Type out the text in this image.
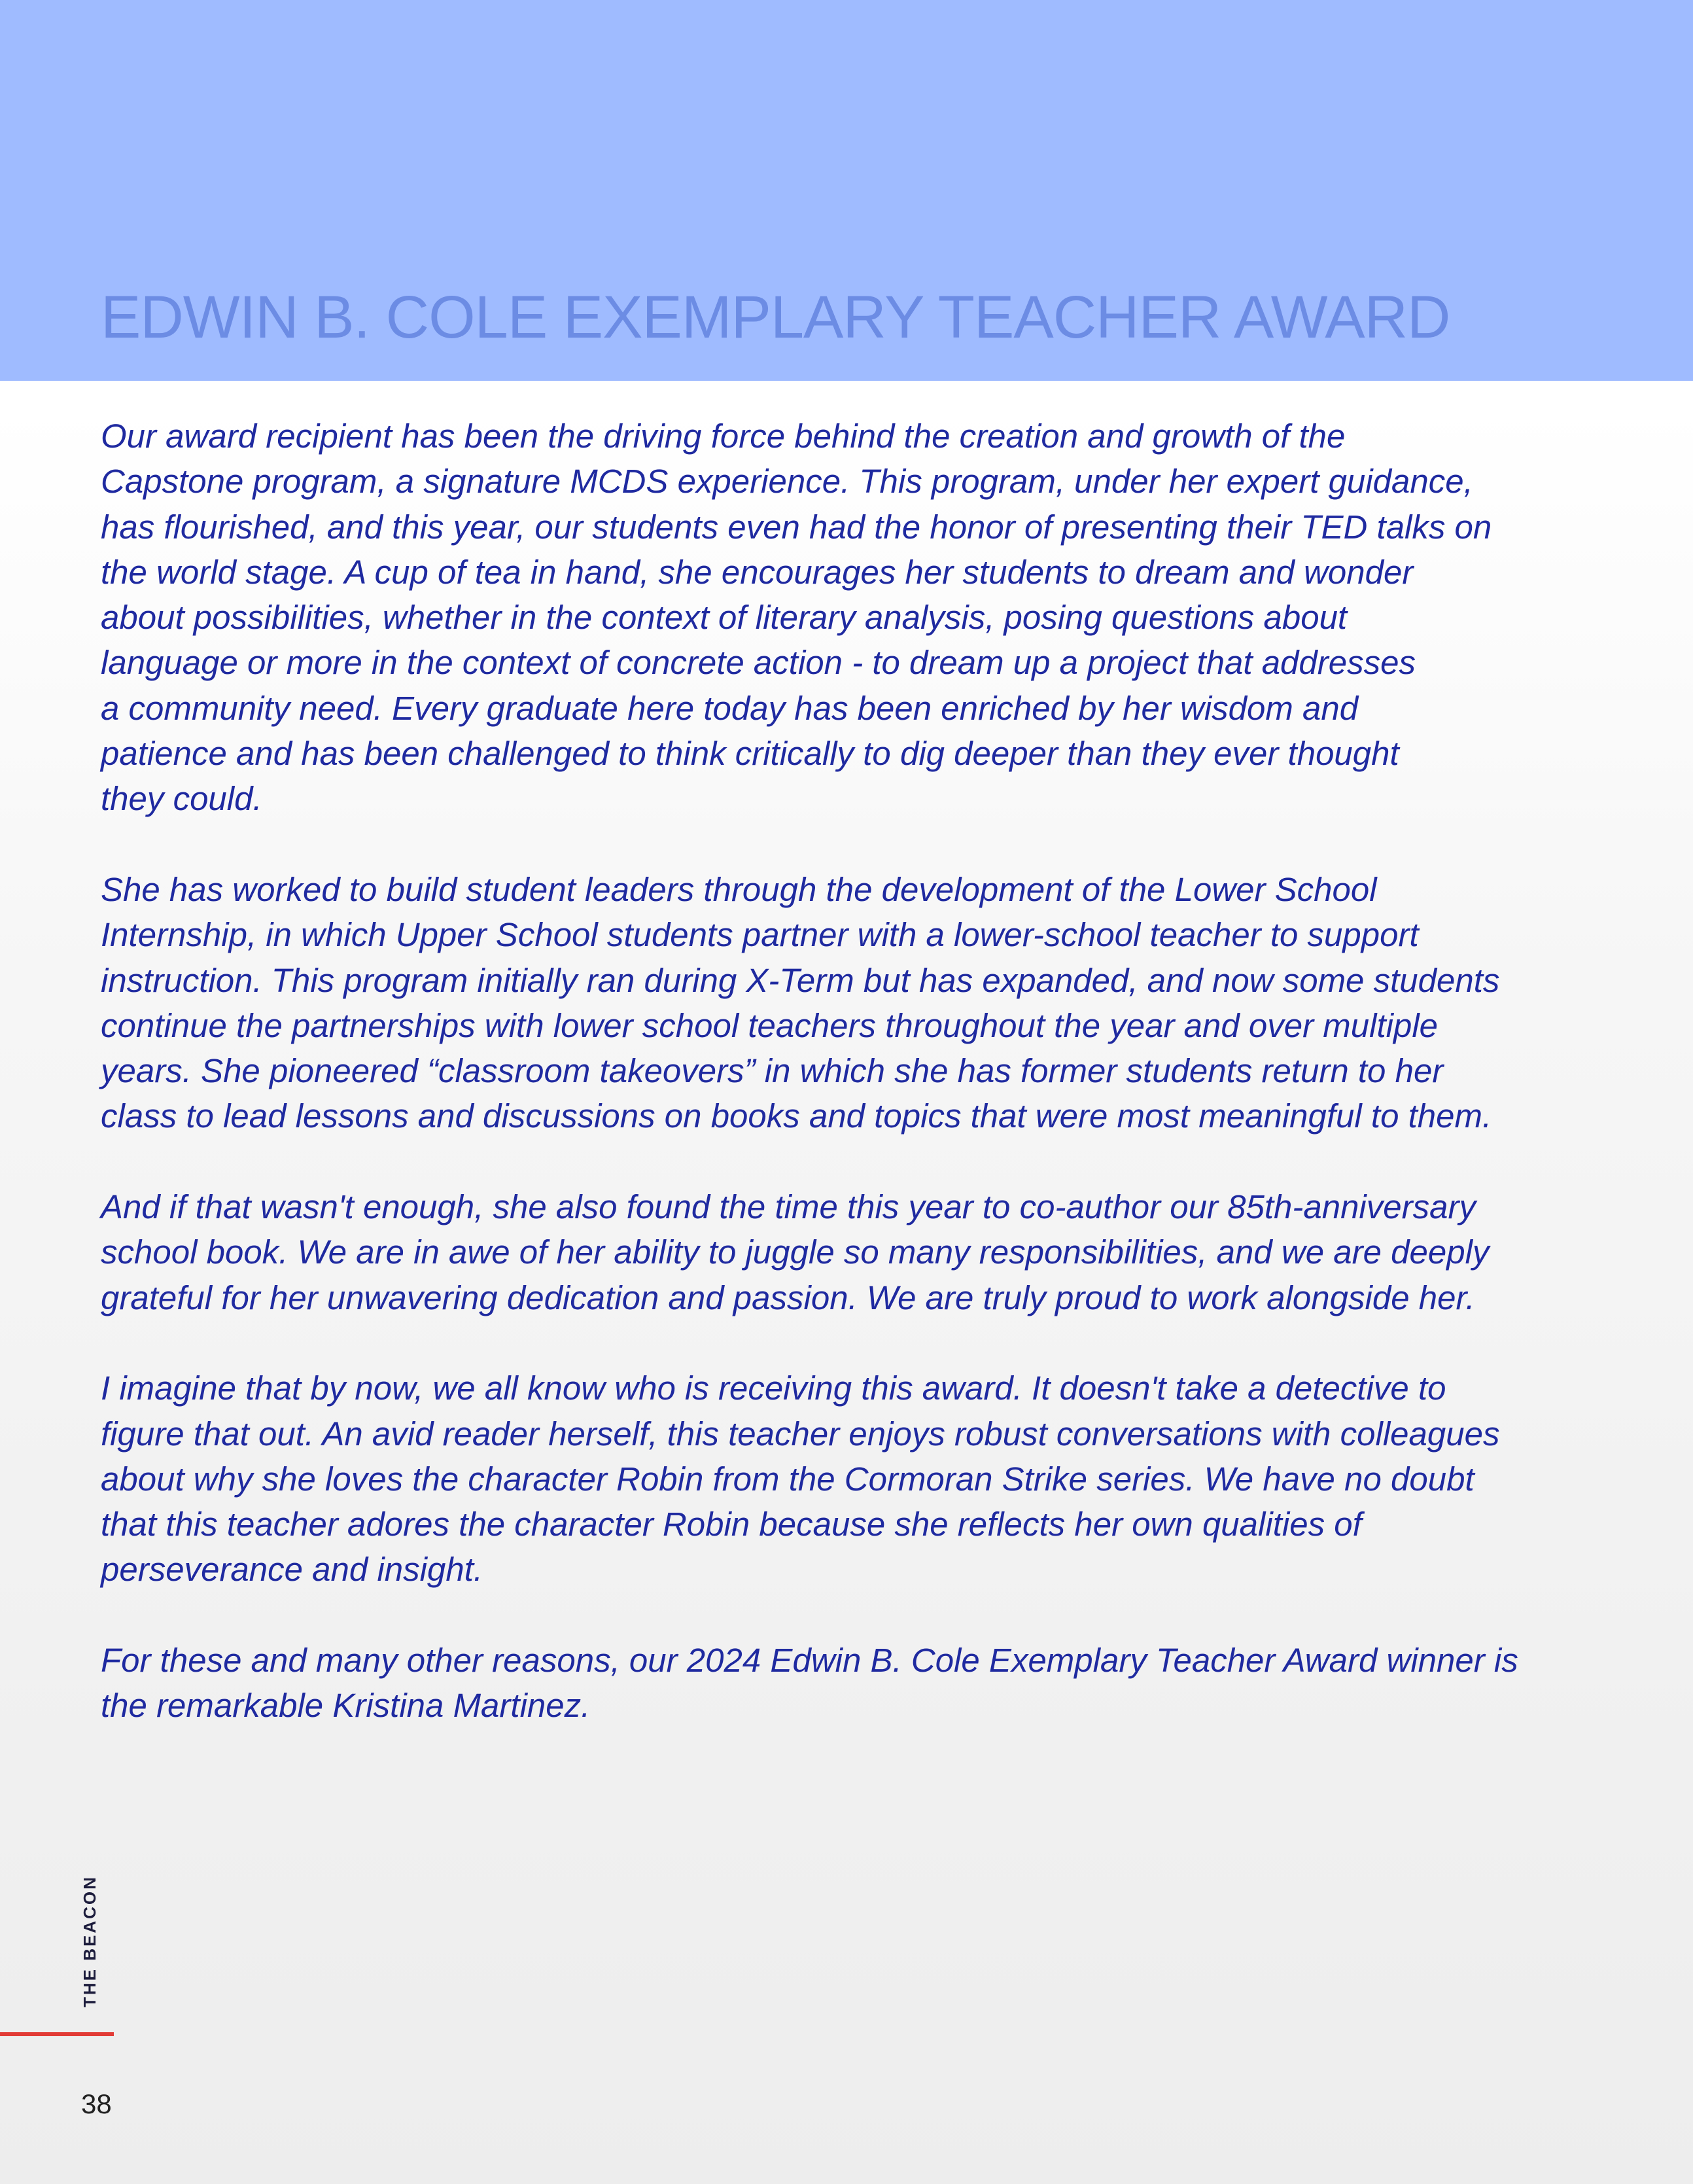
EDWIN B. COLE EXEMPLARY TEACHER AWARD

Our award recipient has been the driving force behind the creation and growth of the
Capstone program, a signature MCDS experience. This program, under her expert guidance,
has flourished, and this year, our students even had the honor of presenting their TED talks on
the world stage. A cup of tea in hand, she encourages her students to dream and wonder
about possibilities, whether in the context of literary analysis, posing questions about
language or more in the context of concrete action - to dream up a project that addresses
a community need. Every graduate here today has been enriched by her wisdom and
patience and has been challenged to think critically to dig deeper than they ever thought
they could.

She has worked to build student leaders through the development of the Lower School
Internship, in which Upper School students partner with a lower-school teacher to support
instruction. This program initially ran during X-Term but has expanded, and now some students
continue the partnerships with lower school teachers throughout the year and over multiple
years. She pioneered “classroom takeovers” in which she has former students return to her
class to lead lessons and discussions on books and topics that were most meaningful to them.

And if that wasn't enough, she also found the time this year to co-author our 85th-anniversary
school book. We are in awe of her ability to juggle so many responsibilities, and we are deeply
grateful for her unwavering dedication and passion. We are truly proud to work alongside her.

I imagine that by now, we all know who is receiving this award. It doesn't take a detective to
figure that out. An avid reader herself, this teacher enjoys robust conversations with colleagues
about why she loves the character Robin from the Cormoran Strike series. We have no doubt
that this teacher adores the character Robin because she reflects her own qualities of
perseverance and insight.

For these and many other reasons, our 2024 Edwin B. Cole Exemplary Teacher Award winner is
the remarkable Kristina Martinez.

THE BEACON
38
